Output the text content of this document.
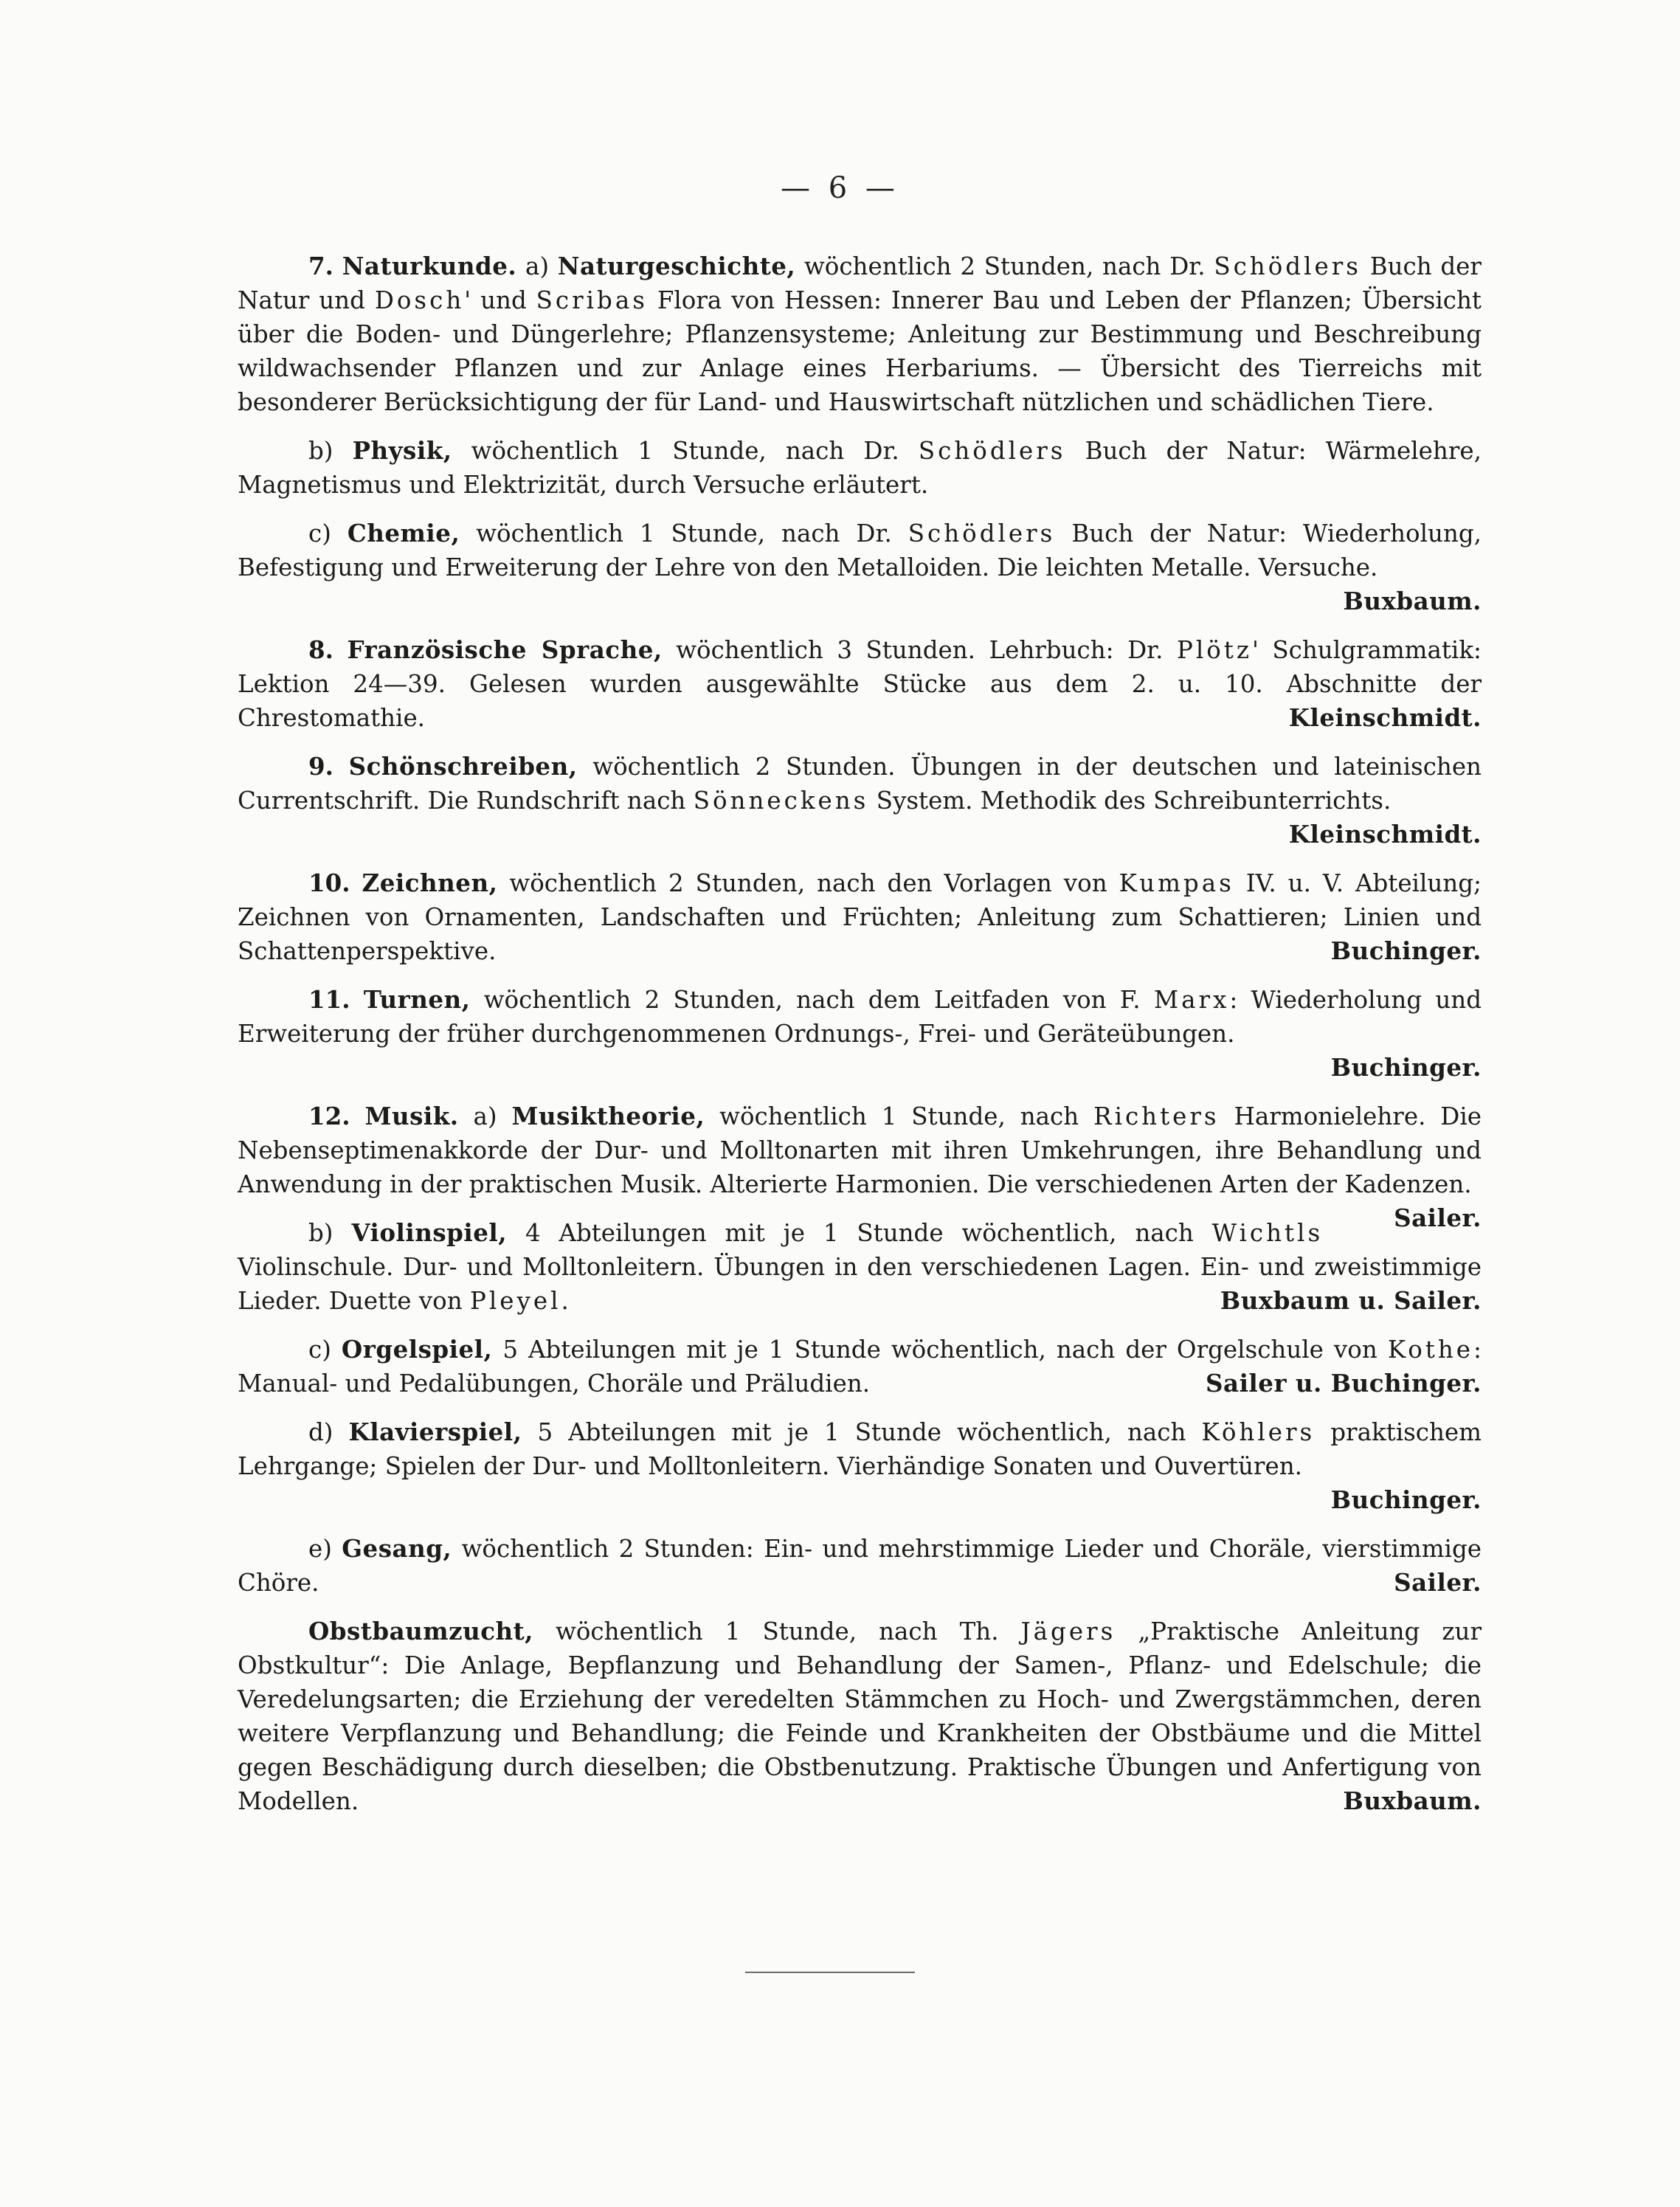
— 6 —

7. Naturkunde. a) Naturgeschichte, wöchentlich 2 Stunden, nach Dr. Schödlers Buch der Natur und Dosch' und Scribas Flora von Hessen: Innerer Bau und Leben der Pflanzen; Übersicht über die Boden- und Düngerlehre; Pflanzensysteme; Anleitung zur Bestimmung und Beschreibung wildwachsender Pflanzen und zur Anlage eines Herbariums. — Übersicht des Tierreichs mit besonderer Berücksichtigung der für Land- und Hauswirtschaft nützlichen und schädlichen Tiere.

b) Physik, wöchentlich 1 Stunde, nach Dr. Schödlers Buch der Natur: Wärmelehre, Magnetismus und Elektrizität, durch Versuche erläutert.

c) Chemie, wöchentlich 1 Stunde, nach Dr. Schödlers Buch der Natur: Wiederholung, Befestigung und Erweiterung der Lehre von den Metalloiden. Die leichten Metalle. Versuche.

Buxbaum.

8. Französische Sprache, wöchentlich 3 Stunden. Lehrbuch: Dr. Plötz' Schulgrammatik: Lektion 24—39. Gelesen wurden ausgewählte Stücke aus dem 2. u. 10. Abschnitte der Chrestomathie.	Kleinschmidt.

9. Schönschreiben, wöchentlich 2 Stunden. Übungen in der deutschen und lateinischen Currentschrift. Die Rundschrift nach Sönneckens System. Methodik des Schreibunterrichts.

Kleinschmidt.

10. Zeichnen, wöchentlich 2 Stunden, nach den Vorlagen von Kumpas IV. u. V. Abteilung; Zeichnen von Ornamenten, Landschaften und Früchten; Anleitung zum Schattieren; Linien und Schattenperspektive.	Buchinger.

11. Turnen, wöchentlich 2 Stunden, nach dem Leitfaden von F. Marx: Wiederholung und Erweiterung der früher durchgenommenen Ordnungs-, Frei- und Geräteübungen.

Buchinger.

12. Musik. a) Musiktheorie, wöchentlich 1 Stunde, nach Richters Harmonielehre. Die Nebenseptimenakkorde der Dur- und Molltonarten mit ihren Umkehrungen, ihre Behandlung und Anwendung in der praktischen Musik. Alterierte Harmonien. Die verschiedenen Arten der Kadenzen.
Sailer.

b) Violinspiel, 4 Abteilungen mit je 1 Stunde wöchentlich, nach Wichtls Violinschule. Dur- und Molltonleitern. Übungen in den verschiedenen Lagen. Ein- und zweistimmige Lieder. Duette von Pleyel.	Buxbaum u. Sailer.

c) Orgelspiel, 5 Abteilungen mit je 1 Stunde wöchentlich, nach der Orgelschule von Kothe: Manual- und Pedalübungen, Choräle und Präludien.	Sailer u. Buchinger.

d) Klavierspiel, 5 Abteilungen mit je 1 Stunde wöchentlich, nach Köhlers praktischem Lehrgange; Spielen der Dur- und Molltonleitern. Vierhändige Sonaten und Ouvertüren.

Buchinger.

e) Gesang, wöchentlich 2 Stunden: Ein- und mehrstimmige Lieder und Choräle, vierstimmige Chöre.	Sailer.

Obstbaumzucht, wöchentlich 1 Stunde, nach Th. Jägers „Praktische Anleitung zur Obstkultur“: Die Anlage, Bepflanzung und Behandlung der Samen-, Pflanz- und Edelschule; die Veredelungsarten; die Erziehung der veredelten Stämmchen zu Hoch- und Zwergstämmchen, deren weitere Verpflanzung und Behandlung; die Feinde und Krankheiten der Obstbäume und die Mittel gegen Beschädigung durch dieselben; die Obstbenutzung. Praktische Übungen und Anfertigung von Modellen.	Buxbaum.
